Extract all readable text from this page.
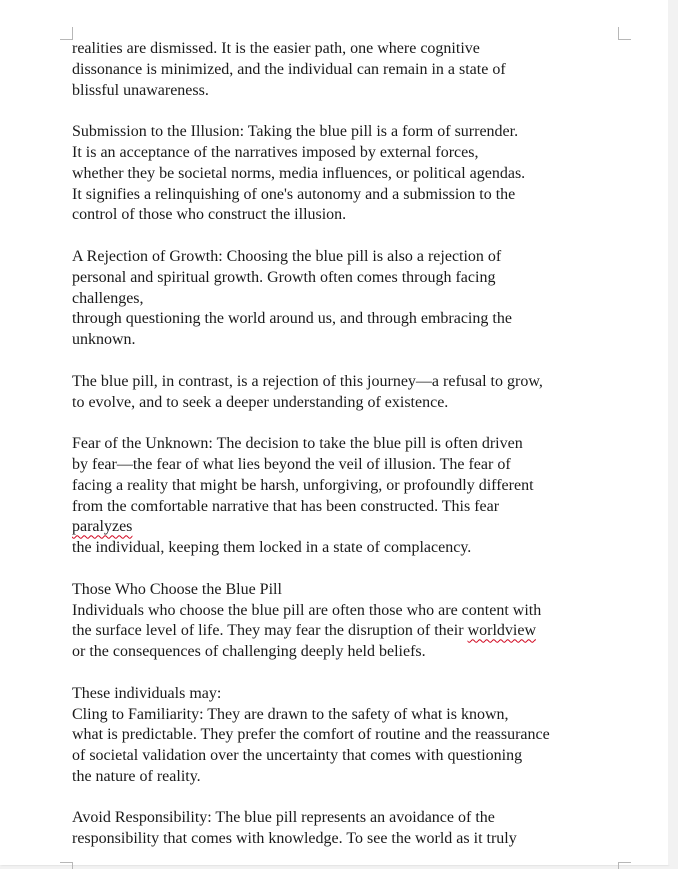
realities are dismissed. It is the easier path, one where cognitive
dissonance is minimized, and the individual can remain in a state of
blissful unawareness.
Submission to the Illusion: Taking the blue pill is a form of surrender.
It is an acceptance of the narratives imposed by external forces,
whether they be societal norms, media influences, or political agendas.
It signifies a relinquishing of one's autonomy and a submission to the
control of those who construct the illusion.
A Rejection of Growth: Choosing the blue pill is also a rejection of
personal and spiritual growth. Growth often comes through facing
challenges,
through questioning the world around us, and through embracing the
unknown.
The blue pill, in contrast, is a rejection of this journey—a refusal to grow,
to evolve, and to seek a deeper understanding of existence.
Fear of the Unknown: The decision to take the blue pill is often driven
by fear—the fear of what lies beyond the veil of illusion. The fear of
facing a reality that might be harsh, unforgiving, or profoundly different
from the comfortable narrative that has been constructed. This fear
paralyzes
the individual, keeping them locked in a state of complacency.
Those Who Choose the Blue Pill
Individuals who choose the blue pill are often those who are content with
the surface level of life. They may fear the disruption of their worldview
or the consequences of challenging deeply held beliefs.
These individuals may:
Cling to Familiarity: They are drawn to the safety of what is known,
what is predictable. They prefer the comfort of routine and the reassurance
of societal validation over the uncertainty that comes with questioning
the nature of reality.
Avoid Responsibility: The blue pill represents an avoidance of the
responsibility that comes with knowledge. To see the world as it truly
